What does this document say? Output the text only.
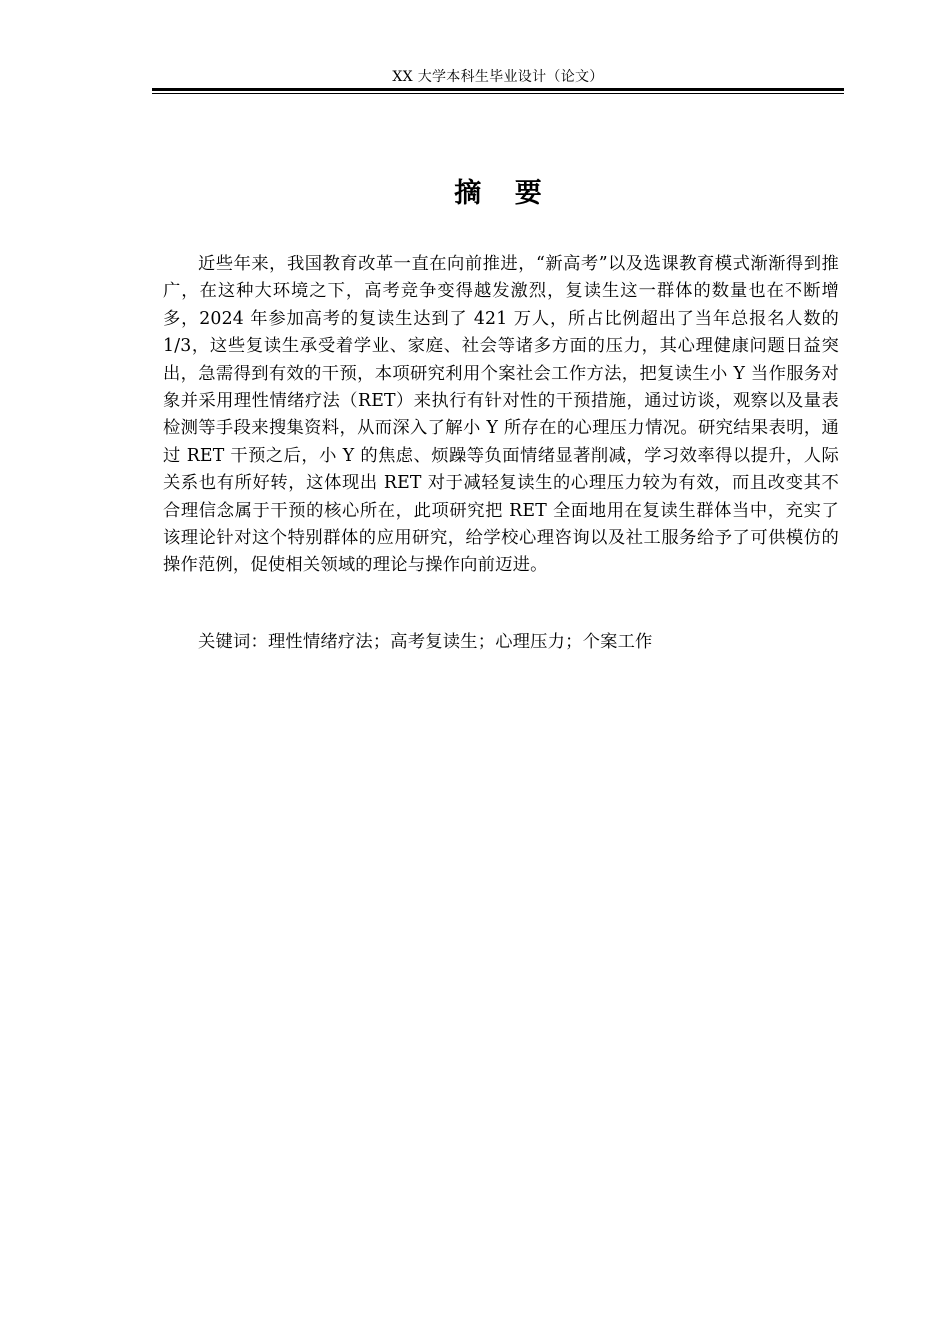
XX 大学本科生毕业设计（论文）
摘 要

近些年来，我国教育改革一直在向前推进，“新高考”以及选课教育模式渐渐得到推广，在这种大环境之下，高考竞争变得越发激烈，复读生这一群体的数量也在不断增多，2024 年参加高考的复读生达到了 421 万人，所占比例超出了当年总报名人数的 1/3，这些复读生承受着学业、家庭、社会等诸多方面的压力，其心理健康问题日益突出，急需得到有效的干预，本项研究利用个案社会工作方法，把复读生小 Y 当作服务对象并采用理性情绪疗法（RET）来执行有针对性的干预措施，通过访谈，观察以及量表检测等手段来搜集资料，从而深入了解小 Y 所存在的心理压力情况。研究结果表明，通过 RET 干预之后，小 Y 的焦虑、烦躁等负面情绪显著削减，学习效率得以提升，人际关系也有所好转，这体现出 RET 对于减轻复读生的心理压力较为有效，而且改变其不合理信念属于干预的核心所在，此项研究把 RET 全面地用在复读生群体当中，充实了该理论针对这个特别群体的应用研究，给学校心理咨询以及社工服务给予了可供模仿的操作范例，促使相关领域的理论与操作向前迈进。

关键词：理性情绪疗法；高考复读生；心理压力；个案工作
